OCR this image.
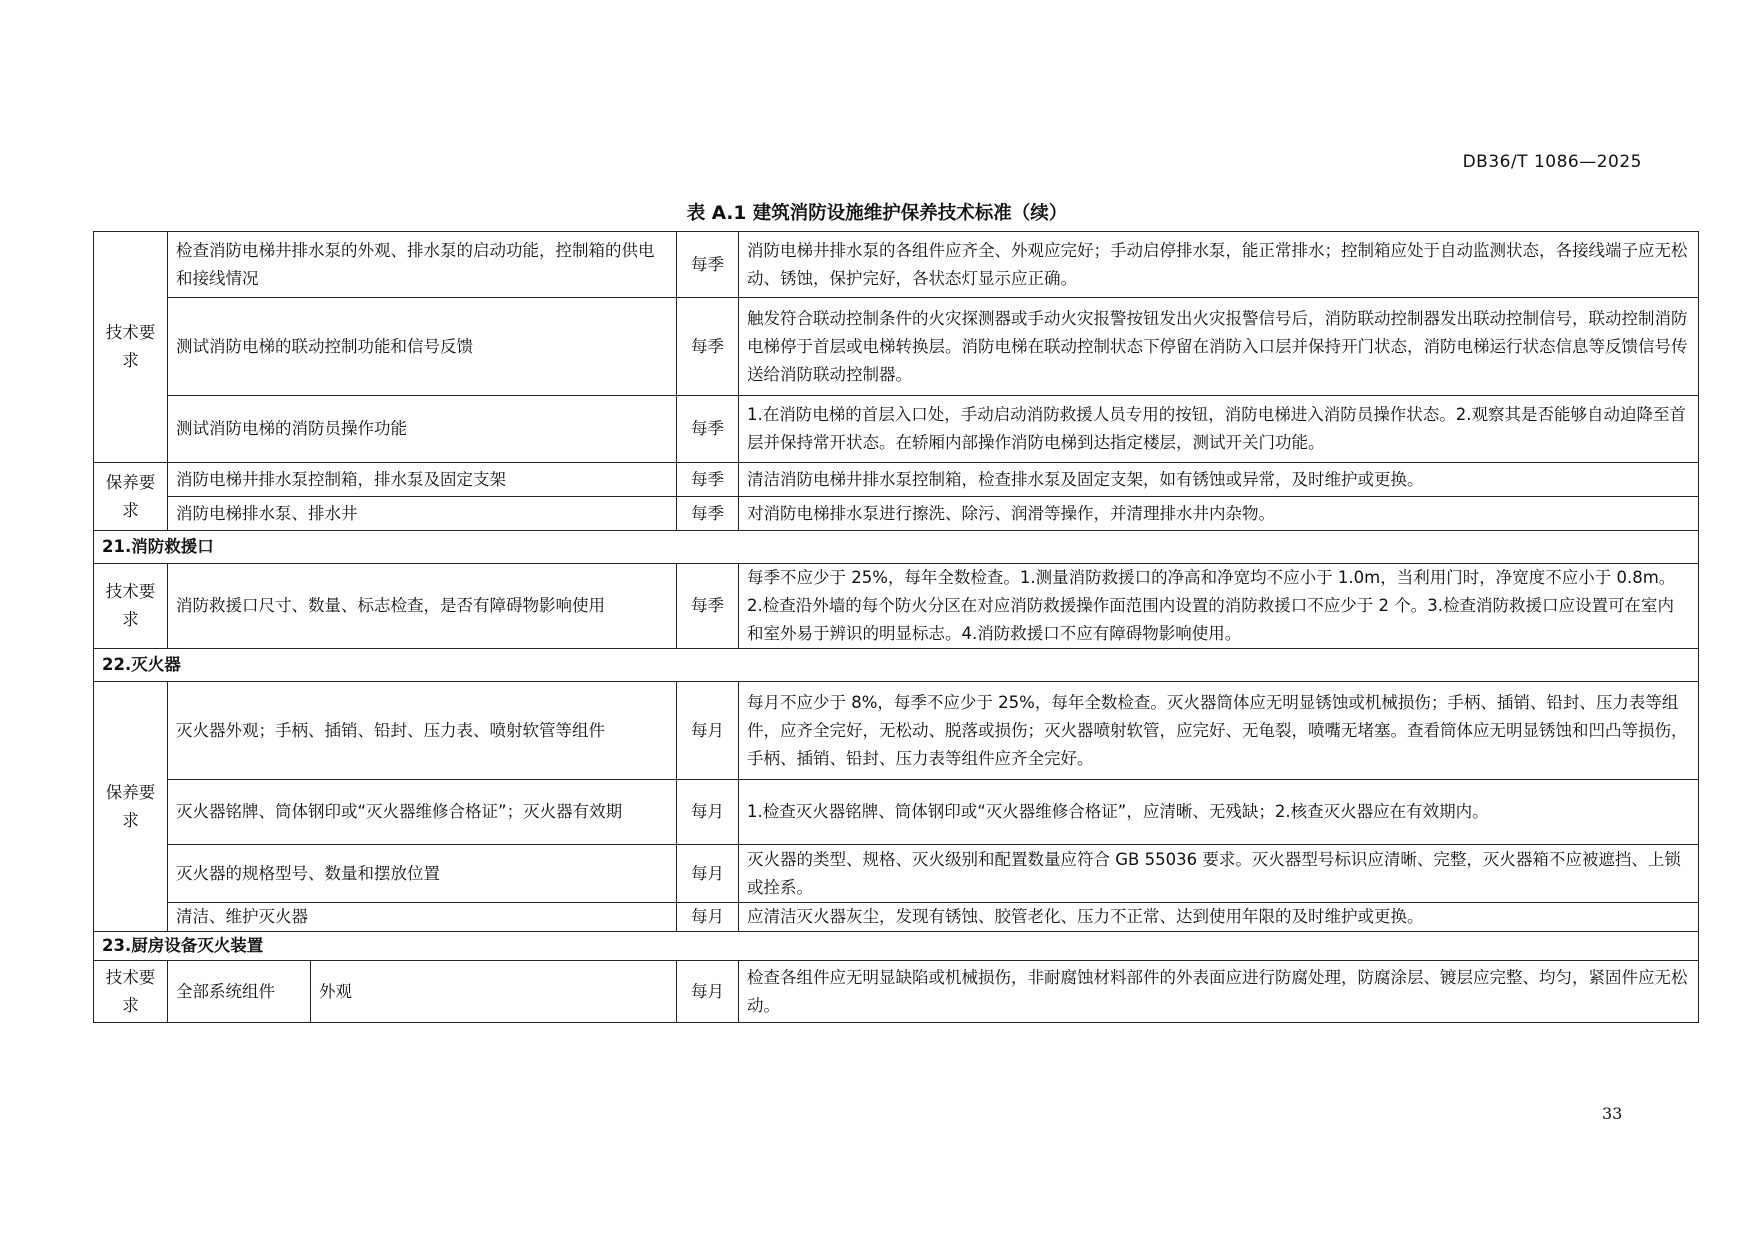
DB36/T 1086—2025
表 A.1 建筑消防设施维护保养技术标准（续）
技术要求	检查消防电梯井排水泵的外观、排水泵的启动功能，控制箱的供电和接线情况		每季	消防电梯井排水泵的各组件应齐全、外观应完好；手动启停排水泵，能正常排水；控制箱应处于自动监测状态，各接线端子应无松动、锈蚀，保护完好，各状态灯显示应正确。
	测试消防电梯的联动控制功能和信号反馈		每季	触发符合联动控制条件的火灾探测器或手动火灾报警按钮发出火灾报警信号后，消防联动控制器发出联动控制信号，联动控制消防电梯停于首层或电梯转换层。消防电梯在联动控制状态下停留在消防入口层并保持开门状态，消防电梯运行状态信息等反馈信号传送给消防联动控制器。
	测试消防电梯的消防员操作功能		每季	1.在消防电梯的首层入口处，手动启动消防救援人员专用的按钮，消防电梯进入消防员操作状态。2.观察其是否能够自动迫降至首层并保持常开状态。在轿厢内部操作消防电梯到达指定楼层，测试开关门功能。
保养要求	消防电梯井排水泵控制箱，排水泵及固定支架		每季	清洁消防电梯井排水泵控制箱，检查排水泵及固定支架，如有锈蚀或异常，及时维护或更换。
	消防电梯排水泵、排水井		每季	对消防电梯排水泵进行擦洗、除污、润滑等操作，并清理排水井内杂物。
21.消防救援口				
技术要求	消防救援口尺寸、数量、标志检查，是否有障碍物影响使用		每季	每季不应少于 25%，每年全数检查。1.测量消防救援口的净高和净宽均不应小于 1.0m，当利用门时，净宽度不应小于 0.8m。2.检查沿外墙的每个防火分区在对应消防救援操作面范围内设置的消防救援口不应少于 2 个。3.检查消防救援口应设置可在室内和室外易于辨识的明显标志。4.消防救援口不应有障碍物影响使用。
22.灭火器				
保养要求	灭火器外观；手柄、插销、铅封、压力表、喷射软管等组件		每月	每月不应少于 8%，每季不应少于 25%，每年全数检查。灭火器筒体应无明显锈蚀或机械损伤；手柄、插销、铅封、压力表等组件，应齐全完好，无松动、脱落或损伤；灭火器喷射软管，应完好、无龟裂，喷嘴无堵塞。查看筒体应无明显锈蚀和凹凸等损伤，手柄、插销、铅封、压力表等组件应齐全完好。
	灭火器铭牌、筒体钢印或“灭火器维修合格证”；灭火器有效期		每月	1.检查灭火器铭牌、筒体钢印或“灭火器维修合格证”，应清晰、无残缺；2.核查灭火器应在有效期内。
	灭火器的规格型号、数量和摆放位置		每月	灭火器的类型、规格、灭火级别和配置数量应符合 GB 55036 要求。灭火器型号标识应清晰、完整，灭火器箱不应被遮挡、上锁或拴系。
	清洁、维护灭火器		每月	应清洁灭火器灰尘，发现有锈蚀、胶管老化、压力不正常、达到使用年限的及时维护或更换。
23.厨房设备灭火装置				
技术要求	全部系统组件	外观	每月	检查各组件应无明显缺陷或机械损伤，非耐腐蚀材料部件的外表面应进行防腐处理，防腐涂层、镀层应完整、均匀，紧固件应无松动。
33
